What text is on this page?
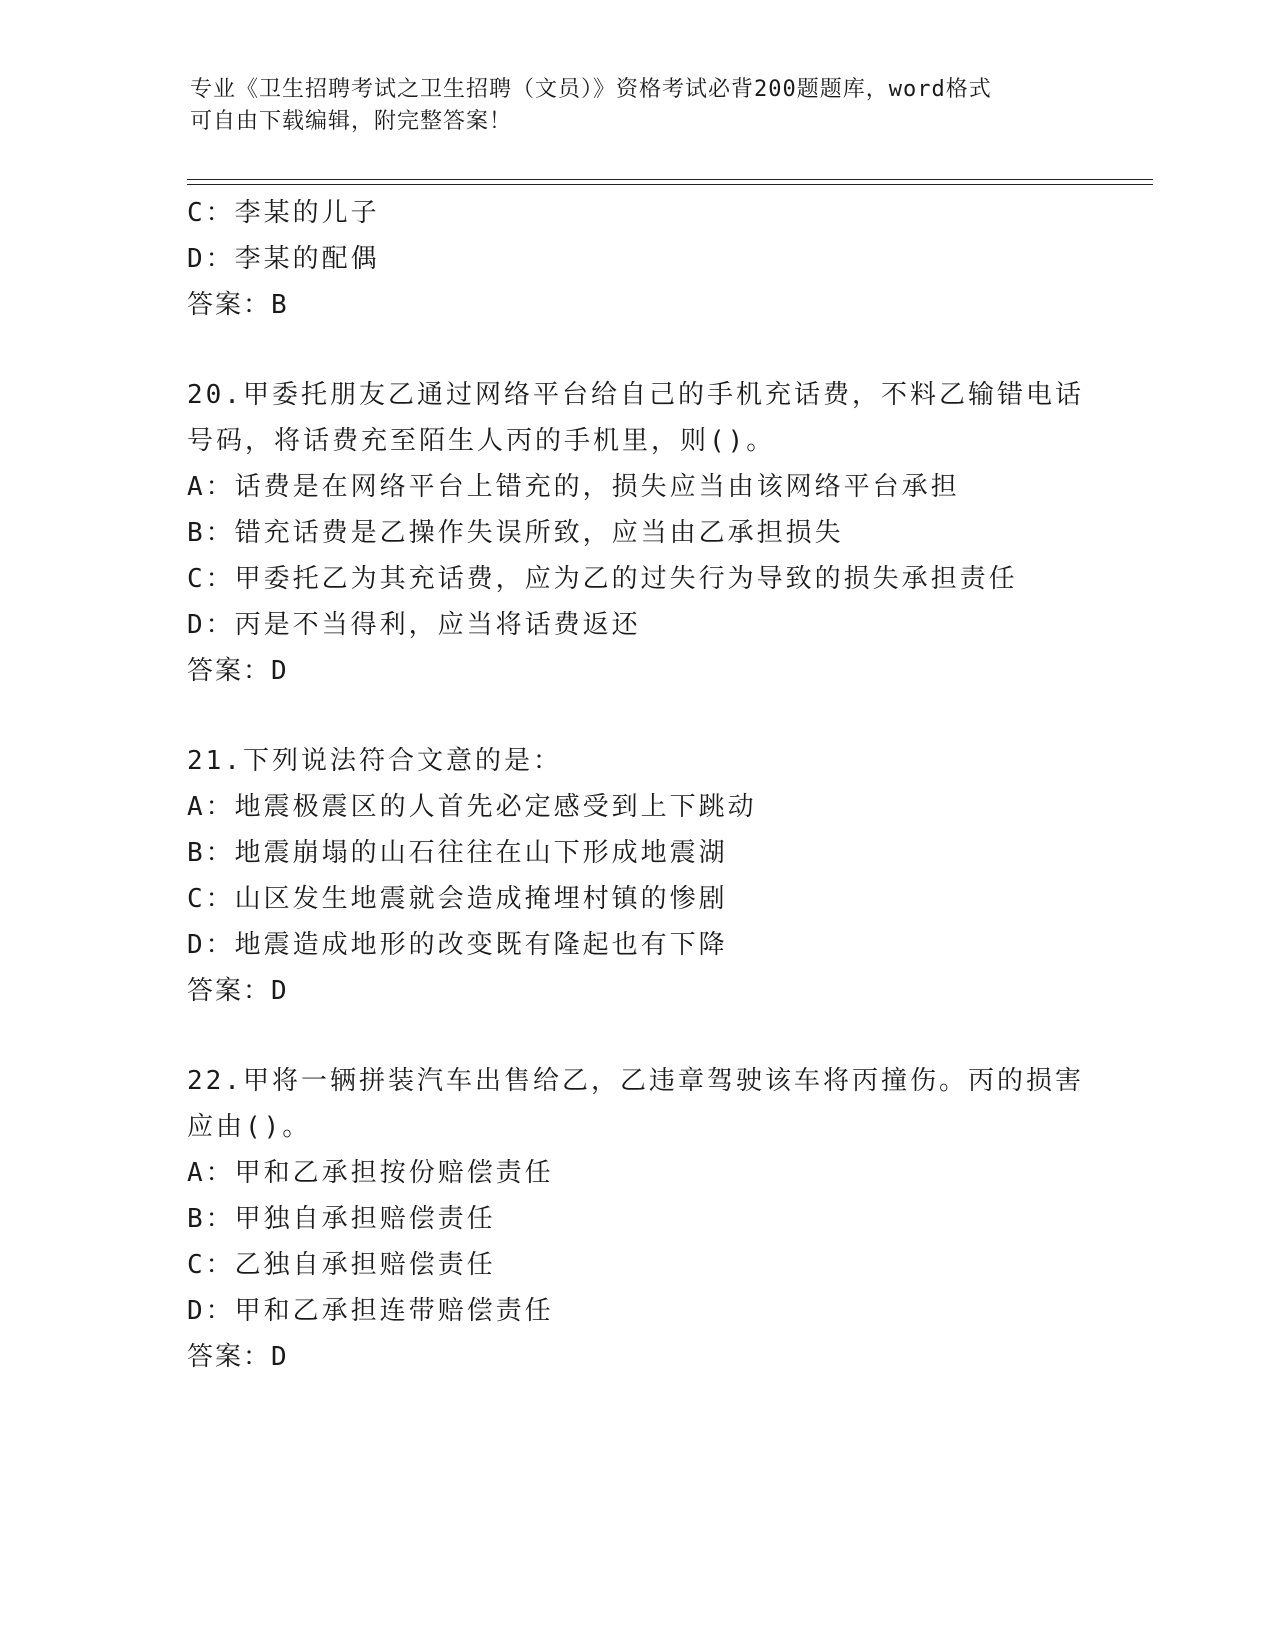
专业《卫生招聘考试之卫生招聘（文员）》资格考试必背200题题库，word格式
可自由下载编辑，附完整答案！
C：李某的儿子
D：李某的配偶
答案：B
20.甲委托朋友乙通过网络平台给自己的手机充话费，不料乙输错电话
号码，将话费充至陌生人丙的手机里，则()。
A：话费是在网络平台上错充的，损失应当由该网络平台承担
B：错充话费是乙操作失误所致，应当由乙承担损失
C：甲委托乙为其充话费，应为乙的过失行为导致的损失承担责任
D：丙是不当得利，应当将话费返还
答案：D
21.下列说法符合文意的是：
A：地震极震区的人首先必定感受到上下跳动
B：地震崩塌的山石往往在山下形成地震湖
C：山区发生地震就会造成掩埋村镇的惨剧
D：地震造成地形的改变既有隆起也有下降
答案：D
22.甲将一辆拼装汽车出售给乙，乙违章驾驶该车将丙撞伤。丙的损害
应由()。
A：甲和乙承担按份赔偿责任
B：甲独自承担赔偿责任
C：乙独自承担赔偿责任
D：甲和乙承担连带赔偿责任
答案：D
